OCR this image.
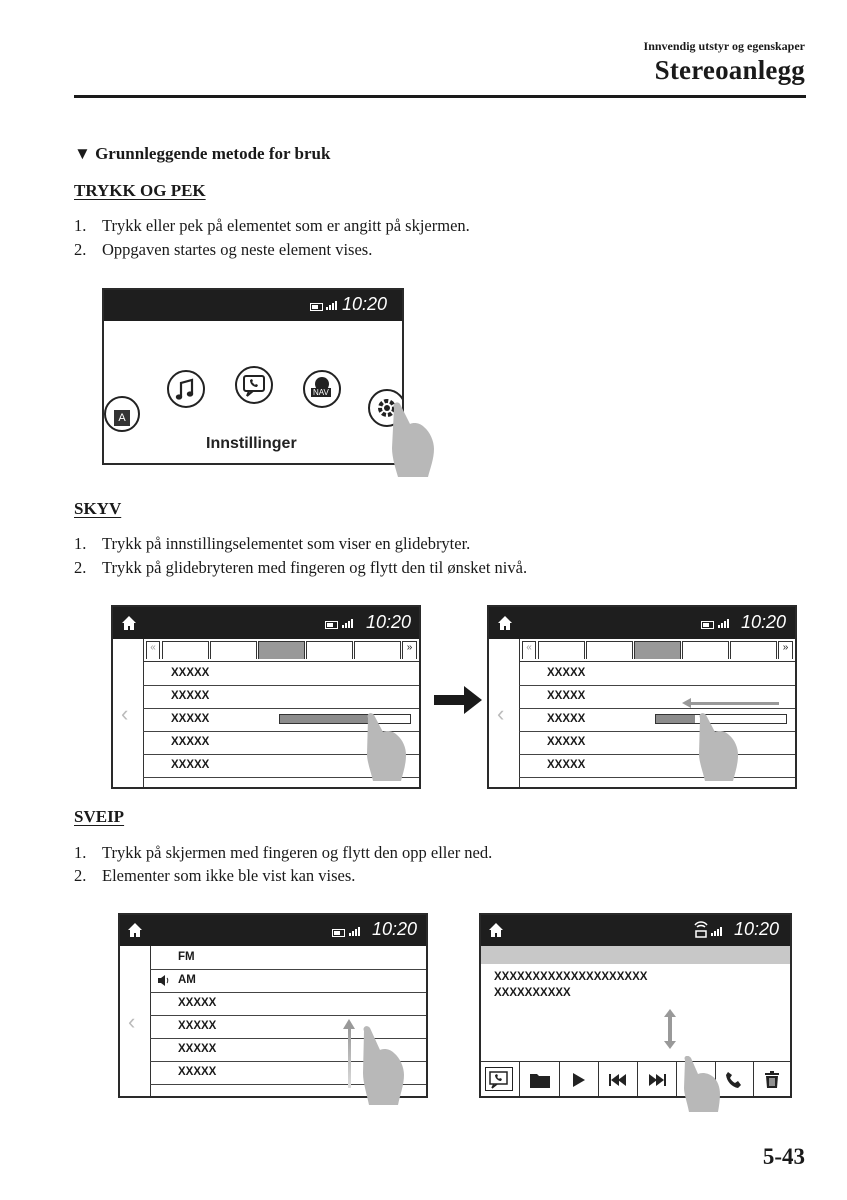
Innvendig utstyr og egenskaper
Stereoanlegg
▼ Grunnleggende metode for bruk
TRYKK OG PEK
1. Trykk eller pek på elementet som er angitt på skjermen.
2. Oppgaven startes og neste element vises.
10:20
A
NAV
Innstillinger
SKYV
1. Trykk på innstillingselementet som viser en glidebryter.
2. Trykk på glidebryteren med fingeren og flytt den til ønsket nivå.
10:20
‹
«	»
XXXXX
XXXXX
XXXXX
XXXXX
XXXXX
10:20
‹
«	»
XXXXX
XXXXX
XXXXX
XXXXX
XXXXX
SVEIP
1. Trykk på skjermen med fingeren og flytt den opp eller ned.
2. Elementer som ikke ble vist kan vises.
10:20
‹
FM
AM
XXXXX
XXXXX
XXXXX
XXXXX
10:20
XXXXXXXXXXXXXXXXXXXX
XXXXXXXXXX
5-43
